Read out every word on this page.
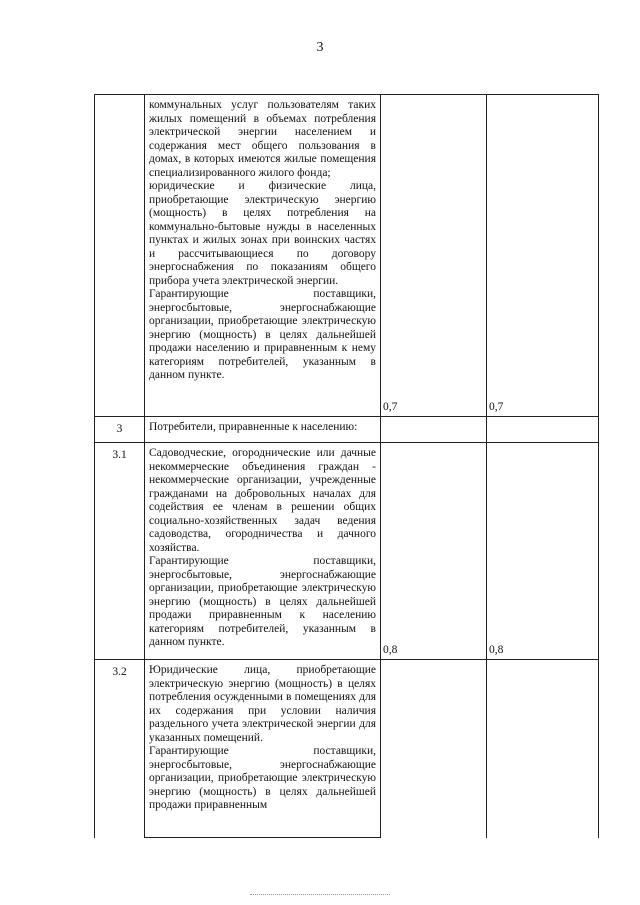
3

	коммунальных услуг пользователям таких жилых помещений в объемах потребления электрической энергии населением и содержания мест общего пользования в домах, в которых имеются жилые помещения специализированного жилого фонда;

юридические и физические лица, приобретающие электрическую энергию (мощность) в целях потребления на коммунально-бытовые нужды в населенных пунктах и жилых зонах при воинских частях и рассчитывающиеся по договору энергоснабжения по показаниям общего прибора учета электрической энергии.

Гарантирующие поставщики, энергосбытовые, энергоснабжающие организации, приобретающие электрическую энергию (мощность) в целях дальнейшей продажи населению и приравненным к нему категориям потребителей, указанным в данном пункте.	0,7	0,7
3	Потребители, приравненные к населению:		

3.1	Садоводческие, огороднические или дачные некоммерческие объединения граждан - некоммерческие организации, учрежденные гражданами на добровольных началах для содействия ее членам в решении общих социально-хозяйственных задач ведения садоводства, огородничества и дачного хозяйства.

Гарантирующие поставщики, энергосбытовые, энергоснабжающие организации, приобретающие электрическую энергию (мощность) в целях дальнейшей продажи приравненным к населению категориям потребителей, указанным в данном пункте.	0,8	0,8
3.2	Юридические лица, приобретающие электрическую энергию (мощность) в целях потребления осужденными в помещениях для их содержания при условии наличия раздельного учета электрической энергии для указанных помещений.

Гарантирующие поставщики, энергосбытовые, энергоснабжающие организации, приобретающие электрическую энергию (мощность) в целях дальнейшей продажи приравненным		
